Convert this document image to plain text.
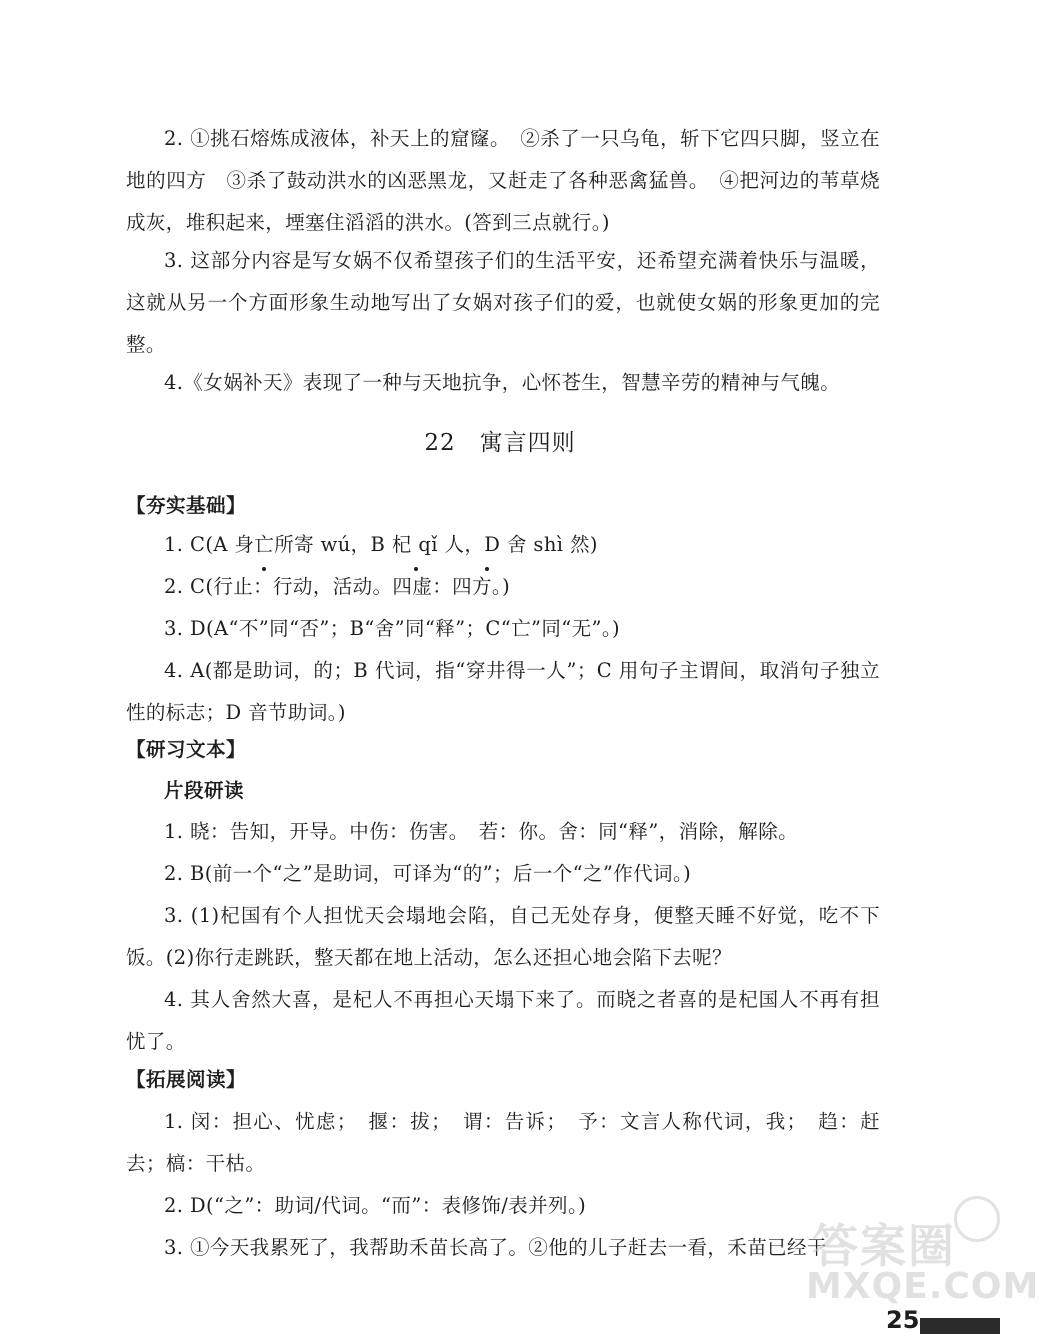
2. ①挑石熔炼成液体，补天上的窟窿。　②杀了一只乌龟，斩下它四只脚，竖立在地的四方　③杀了鼓动洪水的凶恶黑龙，又赶走了各种恶禽猛兽。　④把河边的苇草烧成灰，堆积起来，堙塞住滔滔的洪水。(答到三点就行。)

3. 这部分内容是写女娲不仅希望孩子们的生活平安，还希望充满着快乐与温暖，这就从另一个方面形象生动地写出了女娲对孩子们的爱，也就使女娲的形象更加的完整。

4.《女娲补天》表现了一种与天地抗争，心怀苍生，智慧辛劳的精神与气魄。

22　寓言四则
【夯实基础】

1. C(A 身亡所寄 wú，B 杞 qǐ 人，D 舍 shì 然)

2. C(行止：行动，活动。四虚：四方。)

3. D(A“不”同“否”；B“舍”同“释”；C“亡”同“无”。)

4. A(都是助词，的；B 代词，指“穿井得一人”；C 用句子主谓间，取消句子独立性的标志；D 音节助词。)

【研习文本】
片段研读

1. 晓：告知，开导。中伤：伤害。　若：你。舍：同“释”，消除，解除。

2. B(前一个“之”是助词，可译为“的”；后一个“之”作代词。)

3. (1)杞国有个人担忧天会塌地会陷，自己无处存身，便整天睡不好觉，吃不下饭。(2)你行走跳跃，整天都在地上活动，怎么还担心地会陷下去呢？

4. 其人舍然大喜，是杞人不再担心天塌下来了。而晓之者喜的是杞国人不再有担忧了。

【拓展阅读】

1. 闵：担心、忧虑；　揠：拔；　谓：告诉；　予：文言人称代词，我；　趋：赶去；槁：干枯。

2. D(“之”：助词/代词。“而”：表修饰/表并列。)

3. ①今天我累死了，我帮助禾苗长高了。②他的儿子赶去一看，禾苗已经干

答案圈
MXQE.COM
25
